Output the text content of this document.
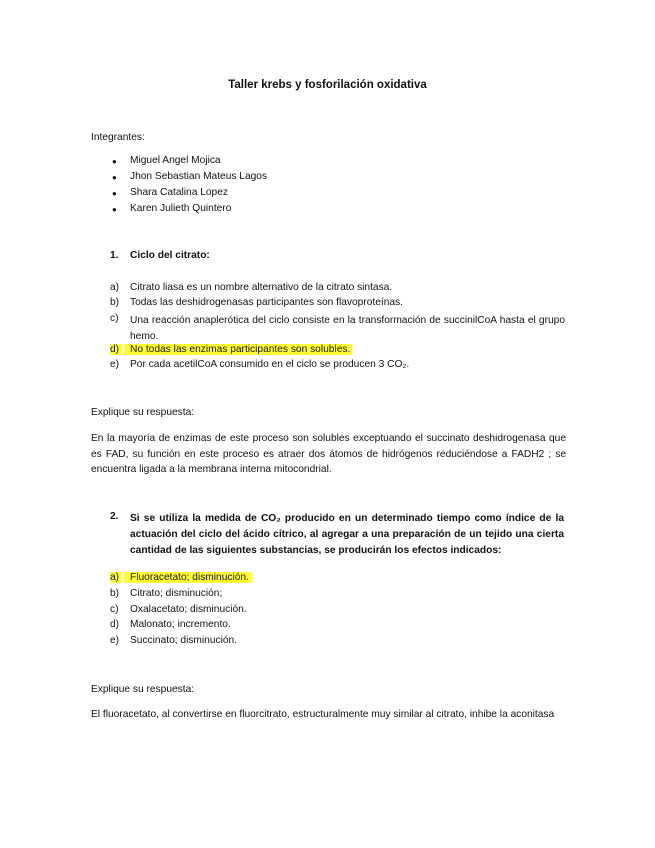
Taller krebs y fosforilación oxidativa
Integrantes:
● Miguel Angel Mojica
● Jhon Sebastian Mateus Lagos
● Shara Catalina Lopez
● Karen Julieth Quintero
1. Ciclo del citrato:
a) Citrato liasa es un nombre alternativo de la citrato sintasa.
b) Todas las deshidrogenasas participantes son flavoproteínas.
c) Una reacción anaplerótica del ciclo consiste en la transformación de succinilCoA hasta el grupo hemo.
d)	No todas las enzimas participantes son solubles.
e) Por cada acetilCoA consumido en el ciclo se producen 3 CO₂.
Explique su respuesta:
En la mayoría de enzimas de este proceso son solubles exceptuando el succinato deshidrogenasa que es FAD, su función en este proceso es atraer dos átomos de hidrógenos reduciéndose a FADH2 ; se encuentra ligada a la membrana interna mitocondrial.
2. Si se utiliza la medida de CO₂ producido en un determinado tiempo como índice de la actuación del ciclo del ácido cítrico, al agregar a una preparación de un tejido una cierta cantidad de las siguientes substancias, se producirán los efectos indicados:
a)	Fluoracetato; disminución.
b) Citrato; disminución;
c) Oxalacetato; disminución.
d) Malonato; incremento.
e) Succinato; disminución.
Explique su respuesta:
El fluoracetato, al convertirse en fluorcitrato, estructuralmente muy similar al citrato, inhibe la aconitasa
